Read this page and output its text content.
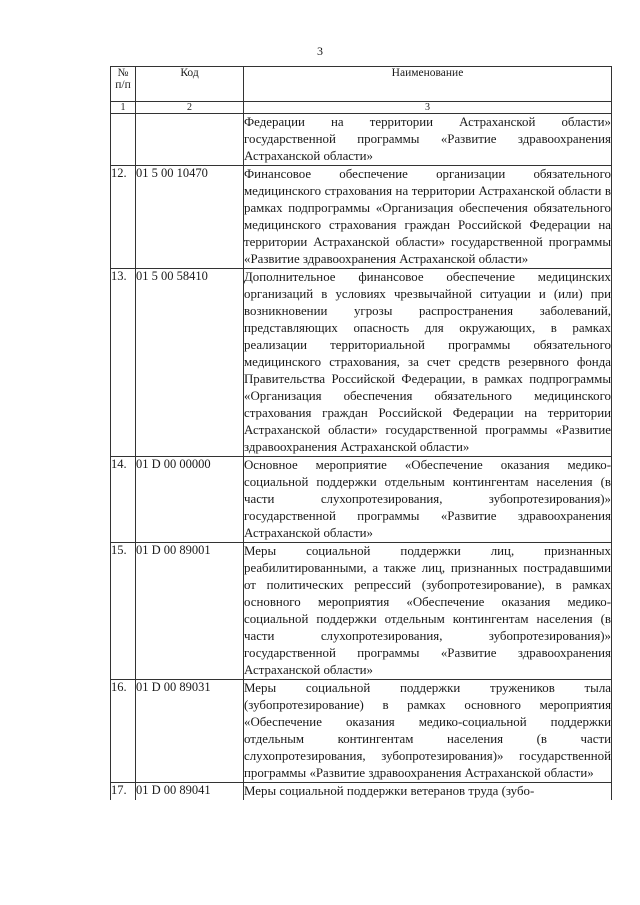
3
№
п/п	Код	Наименование
1	2	3
		Федерации на территории Астраханской области» государственной программы «Развитие здравоохранения Астраханской области»
12.	01 5 00 10470	Финансовое обеспечение организации обязательного медицинского страхования на территории Астраханской области в рамках подпрограммы «Организация обеспечения обязательного медицинского страхования граждан Российской Федерации на территории Астраханской области» государственной программы «Развитие здравоохранения Астраханской области»
13.	01 5 00 58410	Дополнительное финансовое обеспечение медицинских организаций в условиях чрезвычайной ситуации и (или) при возникновении угрозы распространения заболеваний, представляющих опасность для окружающих, в рамках реализации территориальной программы обязательного медицинского страхования, за счет средств резервного фонда Правительства Российской Федерации, в рамках подпрограммы «Организация обеспечения обязательного медицинского страхования граждан Российской Федерации на территории Астраханской области» государственной программы «Развитие здравоохранения Астраханской области»
14.	01 D 00 00000	Основное мероприятие «Обеспечение оказания медико-социальной поддержки отдельным контингентам населения (в части слухопротезирования, зубопротезирования)» государственной программы «Развитие здравоохранения Астраханской области»
15.	01 D 00 89001	Меры социальной поддержки лиц, признанных реабилитированными, а также лиц, признанных пострадавшими от политических репрессий (зубопротезирование), в рамках основного мероприятия «Обеспечение оказания медико-социальной поддержки отдельным контингентам населения (в части слухопротезирования, зубопротезирования)» государственной программы «Развитие здравоохранения Астраханской области»
16.	01 D 00 89031	Меры социальной поддержки тружеников тыла (зубопротезирование) в рамках основного мероприятия «Обеспечение оказания медико-социальной поддержки отдельным контингентам населения (в части слухопротезирования, зубопротезирования)» государственной программы «Развитие здравоохранения Астраханской области»
17.	01 D 00 89041	Меры социальной поддержки ветеранов труда (зубо-
